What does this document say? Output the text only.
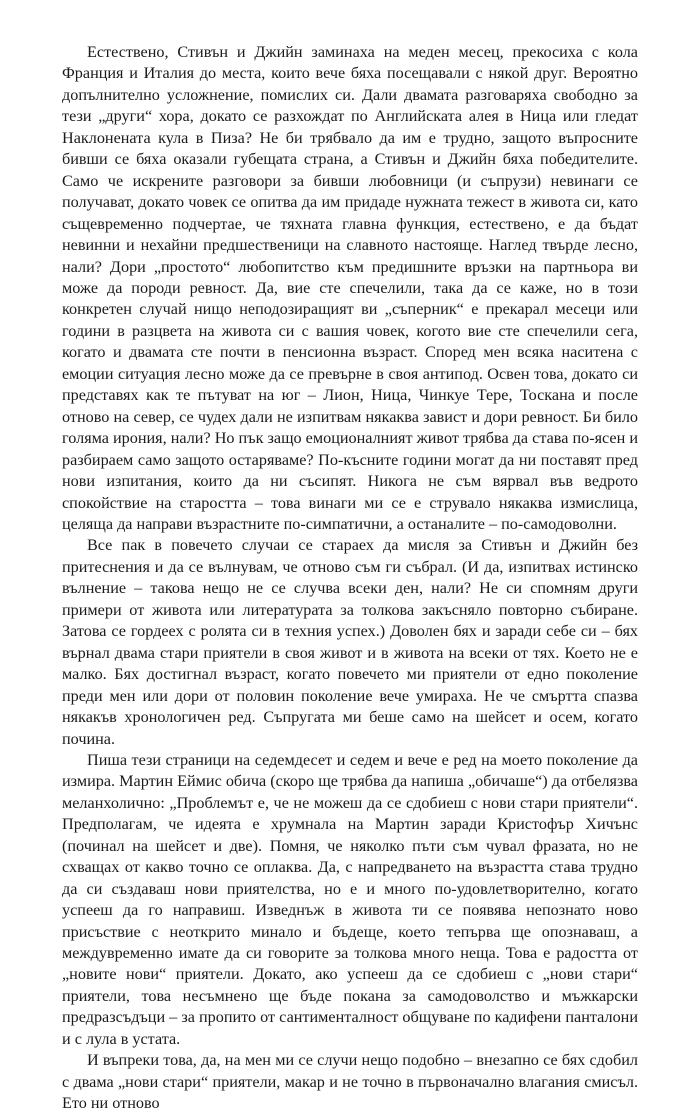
Естествено, Стивън и Джийн заминаха на меден месец, прекосиха с кола Франция и Италия до места, които вече бяха посещавали с някой друг. Вероятно допълнително усложнение, помислих си. Дали двамата разговаряха свободно за тези „други“ хора, докато се разхождат по Английската алея в Ница или гледат Наклонената кула в Пиза? Не би трябвало да им е трудно, защото въпросните бивши се бяха оказали губещата страна, а Стивън и Джийн бяха победителите. Само че искрените разговори за бивши любовници (и съпрузи) невинаги се получават, докато човек се опитва да им придаде нужната тежест в живота си, като същевременно подчертае, че тяхната главна функция, естествено, е да бъдат невинни и нехайни предшественици на славното настояще. Наглед твърде лесно, нали? Дори „простото“ любопитство към предишните връзки на партньора ви може да породи ревност. Да, вие сте спечелили, така да се каже, но в този конкретен случай нищо неподозиращият ви „съперник“ е прекарал месеци или години в разцвета на живота си с вашия човек, когото вие сте спечелили сега, когато и двамата сте почти в пенсионна възраст. Според мен всяка наситена с емоции ситуация лесно може да се превърне в своя антипод. Освен това, докато си представях как те пътуват на юг – Лион, Ница, Чинкуе Тере, Тоскана и после отново на север, се чудех дали не изпитвам някаква завист и дори ревност. Би било голяма ирония, нали? Но пък защо емоционалният живот трябва да става по-ясен и разбираем само защото остаряваме? По-късните години могат да ни поставят пред нови изпитания, които да ни съсипят. Никога не съм вярвал във ведрото спокойствие на старостта – това винаги ми се е струвало някаква измислица, целяща да направи възрастните по-симпатични, а останалите – по-самодоволни.

Все пак в повечето случаи се стараех да мисля за Стивън и Джийн без притеснения и да се вълнувам, че отново съм ги събрал. (И да, изпитвах истинско вълнение – такова нещо не се случва всеки ден, нали? Не си спомням други примери от живота или литературата за толкова закъсняло повторно събиране. Затова се гордеех с ролята си в техния успех.) Доволен бях и заради себе си – бях върнал двама стари приятели в своя живот и в живота на всеки от тях. Което не е малко. Бях достигнал възраст, когато повечето ми приятели от едно поколение преди мен или дори от половин поколение вече умираха. Не че смъртта спазва някакъв хронологичен ред. Съпругата ми беше само на шейсет и осем, когато почина.

Пиша тези страници на седемдесет и седем и вече е ред на моето поколение да измира. Мартин Еймис обича (скоро ще трябва да напиша „обичаше“) да отбелязва меланхолично: „Проблемът е, че не можеш да се сдобиеш с нови стари приятели“. Предполагам, че идеята е хрумнала на Мартин заради Кристофър Хичънс (починал на шейсет и две). Помня, че няколко пъти съм чувал фразата, но не схващах от какво точно се оплаква. Да, с напредването на възрастта става трудно да си създаваш нови приятелства, но е и много по-удовлетворително, когато успееш да го направиш. Изведнъж в живота ти се появява непознато ново присъствие с неоткрито минало и бъдеще, което тепърва ще опознаваш, а междувременно имате да си говорите за толкова много неща. Това е радостта от „новите нови“ приятели. Докато, ако успееш да се сдобиеш с „нови стари“ приятели, това несъмнено ще бъде покана за самодоволство и мъжкарски предразсъдъци – за пропито от сантименталност общуване по кадифени панталони и с лула в устата.

И въпреки това, да, на мен ми се случи нещо подобно – внезапно се бях сдобил с двама „нови стари“ приятели, макар и не точно в първоначално влагания смисъл. Ето ни отново
